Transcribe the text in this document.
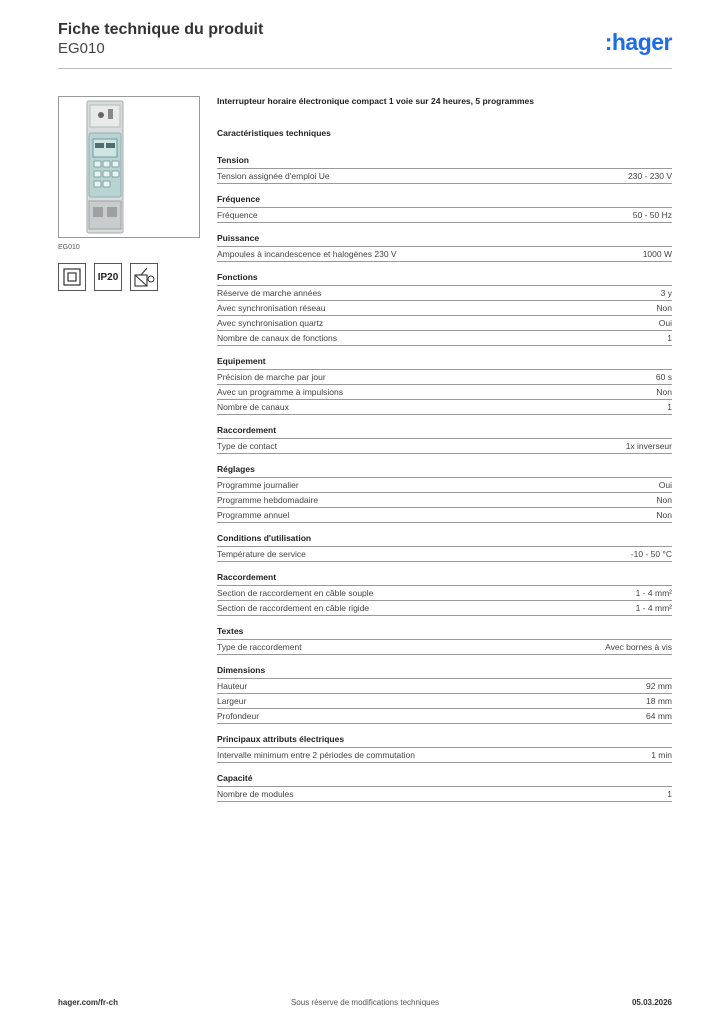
Fiche technique du produit
EG010	:hager
EG010
IP20
Interrupteur horaire électronique compact 1 voie sur 24 heures, 5 programmes
Caractéristiques techniques
Tension
Tension assignée d'emploi Ue	230 - 230 V
Fréquence
Fréquence	50 - 50 Hz
Puissance
Ampoules à incandescence et halogènes 230 V	1000 W
Fonctions
Réserve de marche années	3 y
Avec synchronisation réseau	Non
Avec synchronisation quartz	Oui
Nombre de canaux de fonctions	1
Equipement
Précision de marche par jour	60 s
Avec un programme à impulsions	Non
Nombre de canaux	1
Raccordement
Type de contact	1x inverseur
Réglages
Programme journalier	Oui
Programme hebdomadaire	Non
Programme annuel	Non
Conditions d'utilisation
Température de service	-10 - 50 °C
Raccordement
Section de raccordement en câble souple	1 - 4 mm²
Section de raccordement en câble rigide	1 - 4 mm²
Textes
Type de raccordement	Avec bornes à vis
Dimensions
Hauteur	92 mm
Largeur	18 mm
Profondeur	64 mm
Principaux attributs électriques
Intervalle minimum entre 2 périodes de commutation	1 min
Capacité
Nombre de modules	1
hager.com/fr-ch	Sous réserve de modifications techniques	05.03.2026
